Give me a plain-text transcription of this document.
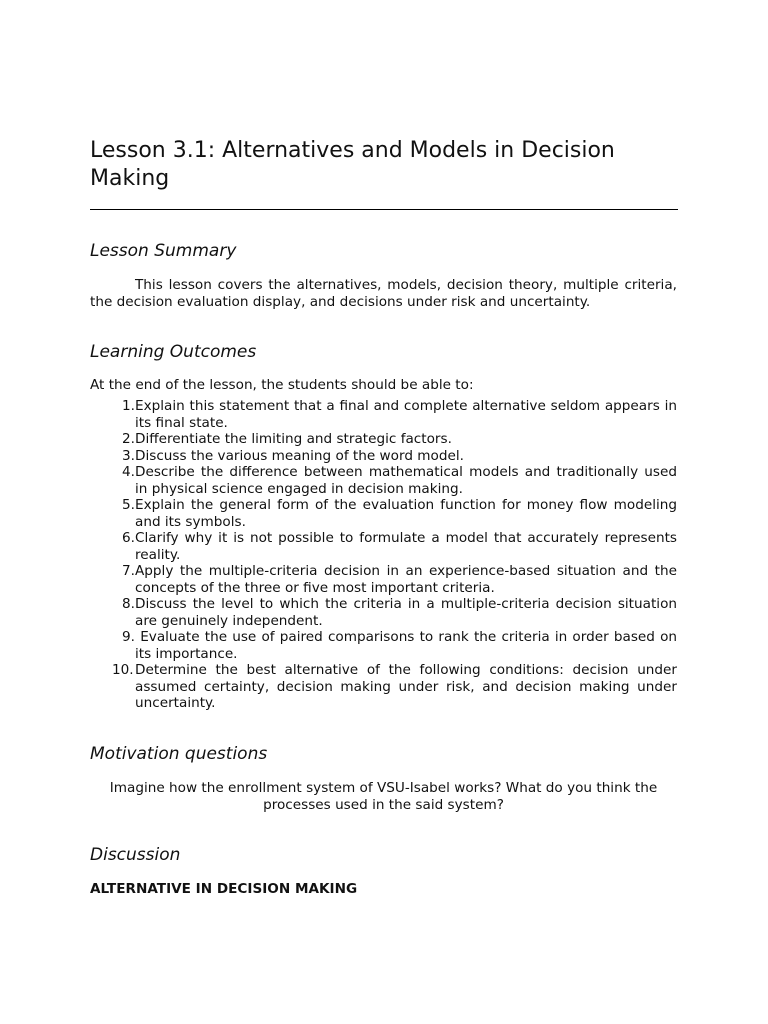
Lesson 3.1: Alternatives and Models in Decision Making
Lesson Summary

This lesson covers the alternatives, models, decision theory, multiple criteria, the decision evaluation display, and decisions under risk and uncertainty.

Learning Outcomes

At the end of the lesson, the students should be able to:

1. Explain this statement that a final and complete alternative seldom appears in its final state.
2. Differentiate the limiting and strategic factors.
3. Discuss the various meaning of the word model.
4. Describe the difference between mathematical models and traditionally used in physical science engaged in decision making.
5. Explain the general form of the evaluation function for money flow modeling and its symbols.
6. Clarify why it is not possible to formulate a model that accurately represents reality.
7. Apply the multiple-criteria decision in an experience-based situation and the concepts of the three or five most important criteria.
8. Discuss the level to which the criteria in a multiple-criteria decision situation are genuinely independent.
9. Evaluate the use of paired comparisons to rank the criteria in order based on its importance.
10. Determine the best alternative of the following conditions: decision under assumed certainty, decision making under risk, and decision making under uncertainty.
Motivation questions

Imagine how the enrollment system of VSU-Isabel works? What do you think the processes used in the said system?

Discussion
ALTERNATIVE IN DECISION MAKING
